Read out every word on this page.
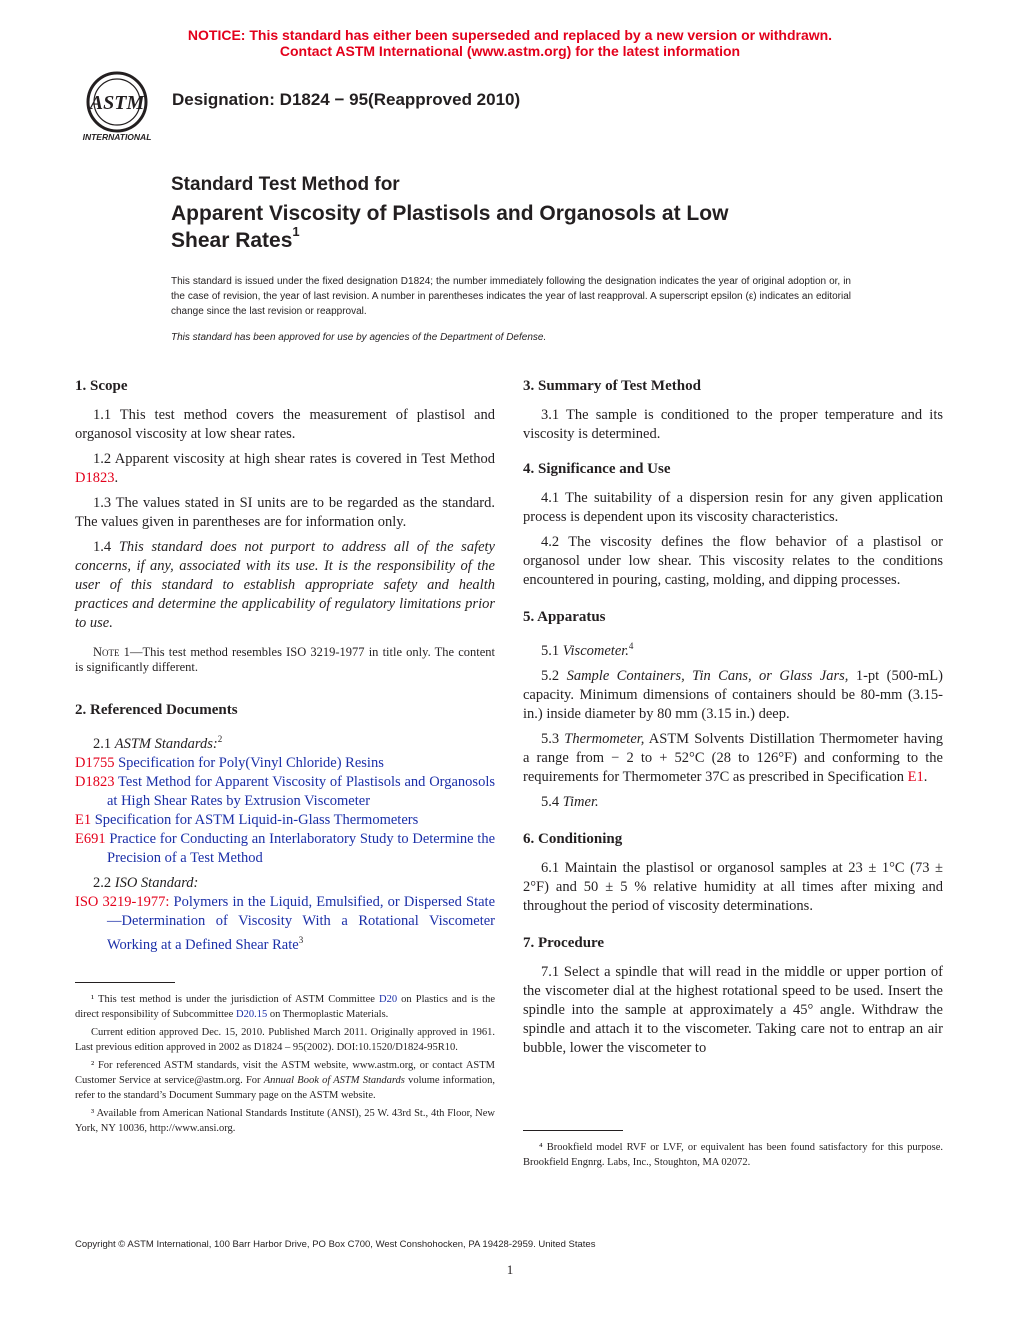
NOTICE: This standard has either been superseded and replaced by a new version or withdrawn.
Contact ASTM International (www.astm.org) for the latest information
ASTM
INTERNATIONAL
Designation: D1824 − 95(Reapproved 2010)
Standard Test Method for
Apparent Viscosity of Plastisols and Organosols at Low
Shear Rates$^1$
This standard is issued under the fixed designation D1824; the number immediately following the designation indicates the year of original adoption or, in the case of revision, the year of last revision. A number in parentheses indicates the year of last reapproval. A superscript epsilon (ε) indicates an editorial change since the last revision or reapproval.
This standard has been approved for use by agencies of the Department of Defense.
1. Scope

1.1 This test method covers the measurement of plastisol and organosol viscosity at low shear rates.

1.2 Apparent viscosity at high shear rates is covered in Test Method D1823.

1.3 The values stated in SI units are to be regarded as the standard. The values given in parentheses are for information only.

1.4 This standard does not purport to address all of the safety concerns, if any, associated with its use. It is the responsibility of the user of this standard to establish appropriate safety and health practices and determine the applicability of regulatory limitations prior to use.

Note 1—This test method resembles ISO 3219-1977 in title only. The content is significantly different.
2. Referenced Documents

2.1 ASTM Standards:$^2$

D1755 Specification for Poly(Vinyl Chloride) Resins

D1823 Test Method for Apparent Viscosity of Plastisols and Organosols at High Shear Rates by Extrusion Viscometer

E1 Specification for ASTM Liquid-in-Glass Thermometers

E691 Practice for Conducting an Interlaboratory Study to Determine the Precision of a Test Method

2.2 ISO Standard:

ISO 3219-1977: Polymers in the Liquid, Emulsified, or Dispersed State—Determination of Viscosity With a Rotational Viscometer Working at a Defined Shear Rate$^3$

¹ This test method is under the jurisdiction of ASTM Committee D20 on Plastics and is the direct responsibility of Subcommittee D20.15 on Thermoplastic Materials.

Current edition approved Dec. 15, 2010. Published March 2011. Originally approved in 1961. Last previous edition approved in 2002 as D1824 – 95(2002). DOI:10.1520/D1824-95R10.

² For referenced ASTM standards, visit the ASTM website, www.astm.org, or contact ASTM Customer Service at service@astm.org. For Annual Book of ASTM Standards volume information, refer to the standard’s Document Summary page on the ASTM website.

³ Available from American National Standards Institute (ANSI), 25 W. 43rd St., 4th Floor, New York, NY 10036, http://www.ansi.org.

3. Summary of Test Method

3.1 The sample is conditioned to the proper temperature and its viscosity is determined.

4. Significance and Use

4.1 The suitability of a dispersion resin for any given application process is dependent upon its viscosity characteristics.

4.2 The viscosity defines the flow behavior of a plastisol or organosol under low shear. This viscosity relates to the conditions encountered in pouring, casting, molding, and dipping processes.

5. Apparatus

5.1 Viscometer.$^4$

5.2 Sample Containers, Tin Cans, or Glass Jars, 1-pt (500-mL) capacity. Minimum dimensions of containers should be 80-mm (3.15-in.) inside diameter by 80 mm (3.15 in.) deep.

5.3 Thermometer, ASTM Solvents Distillation Thermometer having a range from − 2 to + 52°C (28 to 126°F) and conforming to the requirements for Thermometer 37C as prescribed in Specification E1.

5.4 Timer.

6. Conditioning

6.1 Maintain the plastisol or organosol samples at 23 ± 1°C (73 ± 2°F) and 50 ± 5 % relative humidity at all times after mixing and throughout the period of viscosity determinations.

7. Procedure

7.1 Select a spindle that will read in the middle or upper portion of the viscometer dial at the highest rotational speed to be used. Insert the spindle into the sample at approximately a 45° angle. Withdraw the spindle and attach it to the viscometer. Taking care not to entrap an air bubble, lower the viscometer to

⁴ Brookfield model RVF or LVF, or equivalent has been found satisfactory for this purpose. Brookfield Engnrg. Labs, Inc., Stoughton, MA 02072.

Copyright © ASTM International, 100 Barr Harbor Drive, PO Box C700, West Conshohocken, PA 19428-2959. United States
1
